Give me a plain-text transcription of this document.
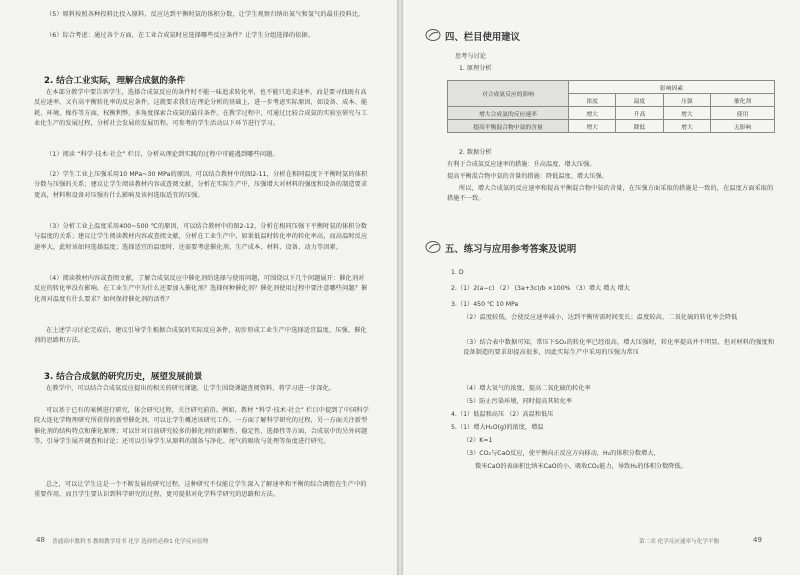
（5）原料按照各种投料比投入原料，反应达到平衡时氨的体积分数，让学生观察归纳出氮气和氢气的最佳投料比。
（6）综合考虑：通过各个方面，在工业合成氨时应选择哪些反应条件？让学生分组选择的依据。
2. 结合工业实际，理解合成氨的条件
在本部分教学中要告诉学生，选择合成氨反应的条件时不能一味追求转化率，也不能只追求速率，而是要寻找既有高反应速率、又有高平衡转化率的反应条件。这就要求我们在理论分析的基础上，进一步考虑实际原因，如设备、成本、能耗、环境、操作等方面，权衡利弊，多角度探索合成氨的最佳条件。在教学过程中，可通过比较合成氨的实验室研究与工业化生产的发展过程，分析社会发展的发展历程。可参考的学生活动以下环节进行学习。
（1）阅读 “科学·技术·社会” 栏目，分析从理论到实践的过程中可能遇到哪些问题。
（2）学生工业上压强采用10 MPa~30 MPa的原因。可以结合教材中的图2-11，分析在相同温度下平衡时氨的体积分数与压强的关系；建议让学生阅读教材内容或查阅文献，分析在实际生产中，压强增大对材料的强度和设备的制造要求更高，材料和设备对压强有什么影响及该何选取适宜的压强。
（3）分析工业上温度采用400~500 ℃的原因，可以结合教材中的图2-12，分析在相同压强下平衡时氨的体积分数与温度的关系；建议让学生阅读教材内容或查阅文献，分析在工业生产中，如果低温时转化率的转化率高，而高温时反应速率大，此时该如何选择温度；选择适宜的温度时，还需要考虑催化剂、生产成本、材料、设备、动力等因素。
（4）阅读教材内容或查阅文献，了解合成氨反应中催化剂的选择与使用问题，可围绕以下几个问题展开：催化剂对反应的转化率没有影响，在工业生产中为什么还要加入催化剂？选择何种催化剂？催化剂使用过程中要注意哪些问题？催化剂对温度有什么要求？如何保持催化剂的活性？
在上述学习讨论完成后，建议引导学生根据合成氨的实际反应条件，初步形成工业生产中选择适宜温度、压强、催化剂的思路和方法。
3. 结合合成氨的研究历史，展望发展前景
在教学中，可以结合合成氨反应提出的相关的研究课题，让学生围绕课题查阅资料，将学习进一步深化。
可以基于已有的案例进行研究，体会研究过程，关注研究前沿。例如，教材 “科学·技术·社会” 栏目中提到了中国科学院大连化学物理研究所获得的新型催化剂，可以让学生概述该研究工作，一方面了解科学研究的过程，另一方面关注新型催化剂的结构特点和催化原理；可以针对目前研究较多的催化剂的新颖性、稳定性、选择性等方面，合成氨中的另外问题等，引导学生展开调查和讨论；还可以引导学生从原料的制备与净化、尾气的吸收与处理等角度进行研究。
总之，可以让学生这是一个不断发展的研究过程，这种研究不仅能让学生深入了解速率和平衡的综合调控在生产中的重要作用，而且学生要认识到科学研究的过程，更可提供对化学科学研究的思路和方法。
48 普通高中教科书 教师教学用书 化学 选择性必修1 化学反应原理
四、栏目使用建议
思考与讨论
1. 原理分析
对合成氨反应的影响	影响因素			
	浓度	温度	压强	催化剂
增大合成氨的反应速率	增大	升高	增大	使用
提高平衡混合物中氨的含量	增大	降低	增大	无影响
2. 数据分析
有利于合成氨反应速率的措施：升高温度、增大压强。
提高平衡混合物中氨的含量的措施：降低温度、增大压强。
所以，增大合成氨的反应速率和提高平衡混合物中氨的含量，在压强方面采取的措施是一致的，在温度方面采取的措施不一致。
五、练习与应用参考答案及说明
1. D
2.（1）2(a−c) （2） (3a+3c)/b ×100% （3）增大 增大 增大
3.（1）450 ℃ 10 MPa
（2）温度较低，会使反应速率减小，达到平衡所需时间变长；温度较高，二氧化硫的转化率会降低
（3）结合表中数据可知，常压下SO₂的转化率已经很高，增大压强时，转化率提高并不明显，但对材料的强度和设备制造的要求却提高很多，因此实际生产中采用的压强为常压
（4）增大氧气的浓度，提高二氧化硫的转化率
（5）防止污染环境，同时提高其转化率
4.（1）低温和高压 （2）高温和低压
5.（1）增大H₂O(g)的浓度，增温
（2）K=1
（3）CO₂与CaO反应，使平衡向正反应方向移动，H₂的体积分数增大，
微米CaO的表面积比纳米CaO的小，吸收CO₂能力，导致H₂的体积分数降低。
第二章 化学反应速率与化学平衡	49
